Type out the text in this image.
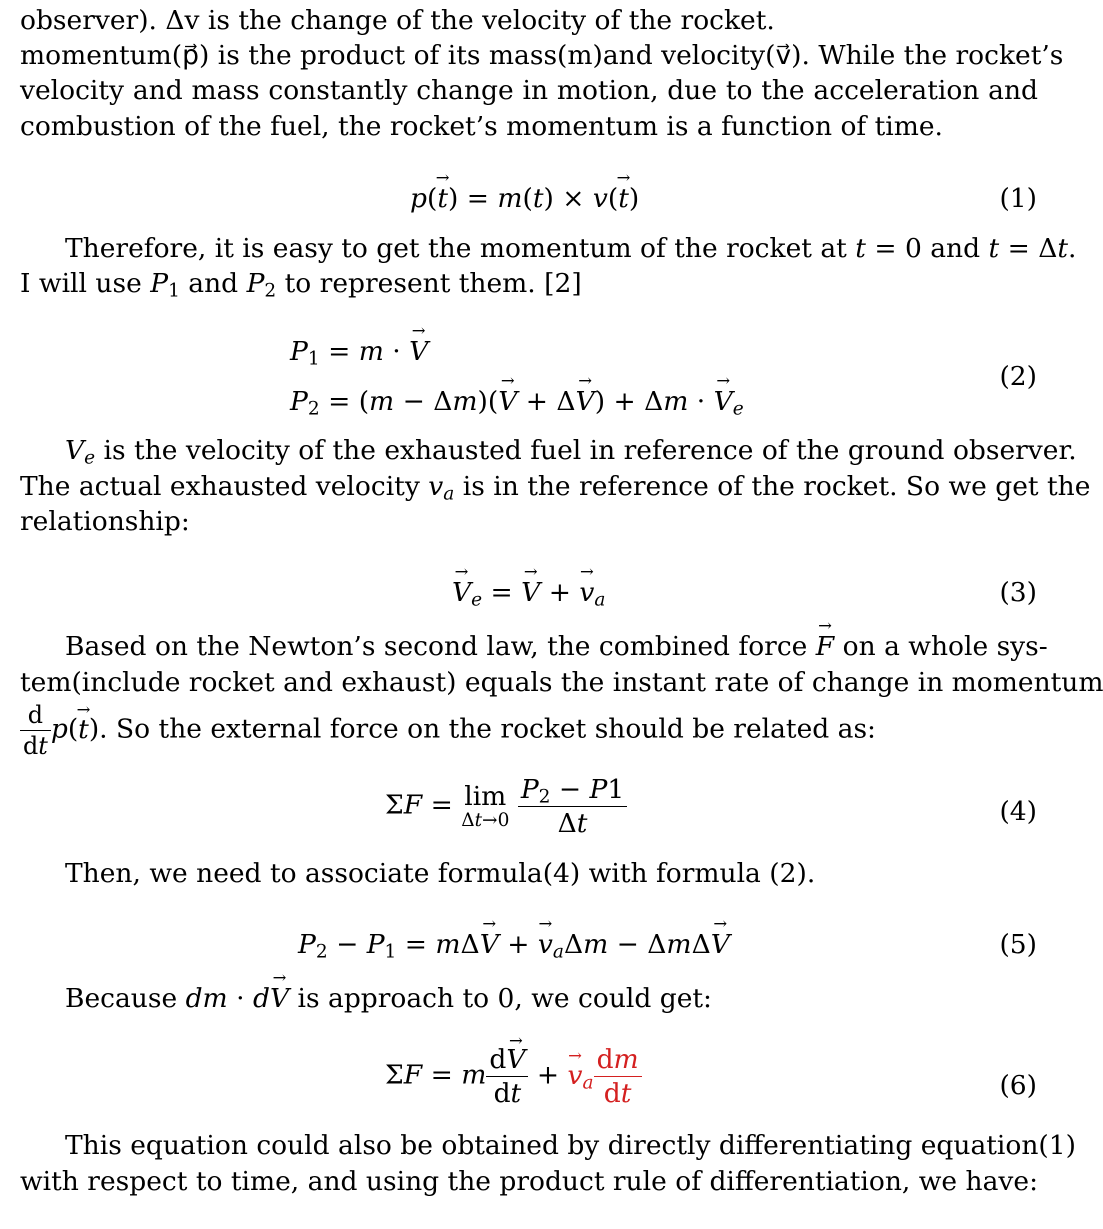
observer). Δv is the change of the velocity of the rocket.
momentum(p⃗) is the product of its mass(m)and velocity(v⃗). While the rocket’s
velocity and mass constantly change in motion, due to the acceleration and
combustion of the fuel, the rocket’s momentum is a function of time.
p(t →) = m(t) × v(t →)	(1)
Therefore, it is easy to get the momentum of the rocket at t = 0 and t = Δt.
I will use $P_1$ and $P_2$ to represent them. [2]
$P_1 = m \cdot V$ →
$P_2 = (m - \Delta m)(V$ → + ΔV →) + $\Delta m \cdot V \to_e$
(2)
$V_e$ is the velocity of the exhausted fuel in reference of the ground observer.
The actual exhausted velocity $v_a$ is in the reference of the rocket. So we get the
relationship:
$V \to_e = V$ → + $v \to_a$	(3)
Based on the Newton’s second law, the combined force F → on a whole sys-
tem(include rocket and exhaust) equals the instant rate of change in momentum
$\frac{d}{dt} p(t$ →). So the external force on the rocket should be related as:
ΣF = lim
Δt→0
$\frac{P_2 - P1}{\Delta t}$	(4)
Then, we need to associate formula(4) with formula (2).
$P_2 - P_1 = m\Delta V$ → + $v \to_a\Delta m - \Delta m\Delta V$ →	(5)
Because dm · dV → is approach to 0, we could get:
ΣF = m $\frac{dV \to}{dt} + v \to_a \frac{dm}{dt}$	(6)
This equation could also be obtained by directly differentiating equation(1)
with respect to time, and using the product rule of differentiation, we have:
